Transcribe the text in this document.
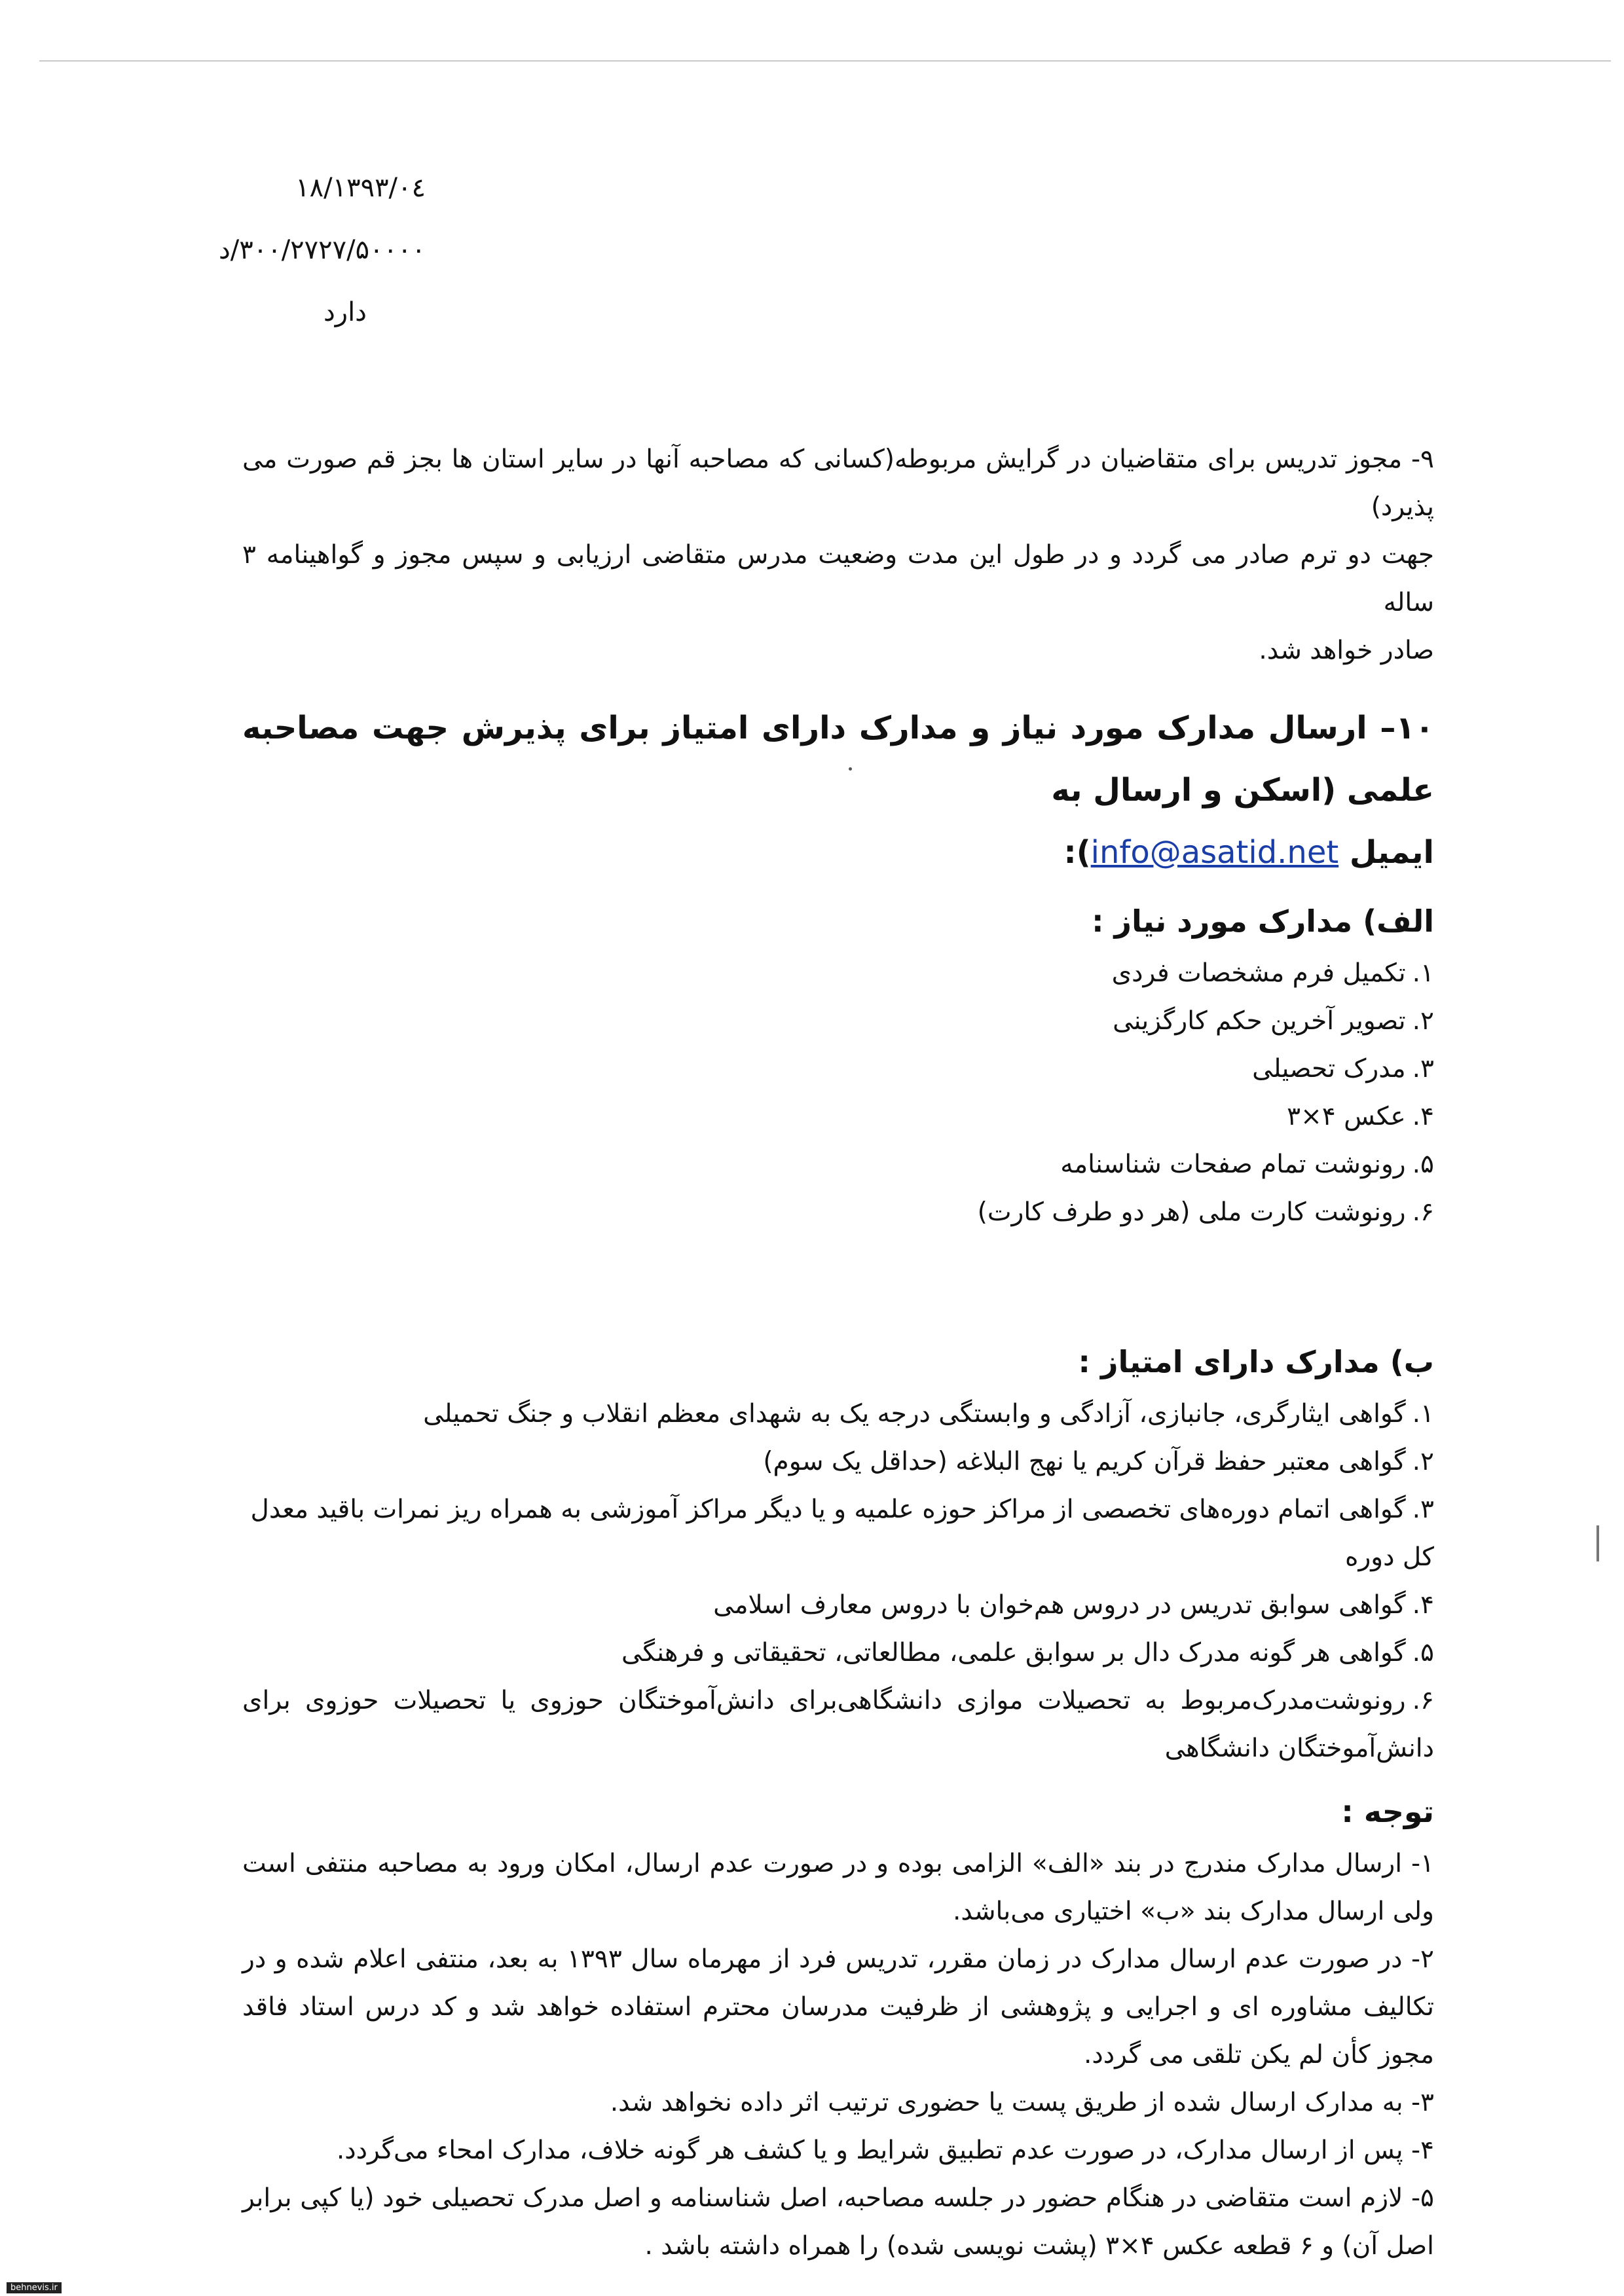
۱۳۹۳/۰٤/۱۸
۳۰۰/۲۷۲۷/۵۰۰۰۰/د
دارد

۹- مجوز تدریس برای متقاضیان در گرایش مربوطه(کسانی که مصاحبه آنها در سایر استان ها بجز قم صورت می پذیرد)

جهت دو ترم صادر می گردد و در طول این مدت وضعیت مدرس متقاضی ارزیابی و سپس مجوز و گواهینامه ۳ ساله

صادر خواهد شد.

۱۰– ارسال مدارک مورد نیاز و مدارک دارای امتیاز برای پذیرش جهت مصاحبه علمی (اسکن و ارسال به
ایمیل info@asatid.net):
الف) مدارک مورد نیاز :

۱.تکمیل فرم مشخصات فردی

۲.تصویر آخرین حکم کارگزینی

۳.مدرک تحصیلی

۴.عکس ۴×۳

۵.رونوشت تمام صفحات شناسنامه

۶.رونوشت کارت ملی (هر دو طرف کارت)

ب) مدارک دارای امتیاز :

۱.گواهی ایثارگری، جانبازی، آزادگی و وابستگی درجه یک به شهدای معظم انقلاب و جنگ تحمیلی

۲.گواهی معتبر حفظ قرآن کریم یا نهج البلاغه (حداقل یک سوم)

۳.گواهی اتمام دوره‌های تخصصی از مراکز حوزه علمیه و یا دیگر مراکز آموزشی به همراه ریز نمرات باقید معدل کل دوره

۴.گواهی سوابق تدریس در دروس هم‌خوان با دروس معارف اسلامی

۵.گواهی هر گونه مدرک دال بر سوابق علمی، مطالعاتی، تحقیقاتی و فرهنگی

۶.رونوشت‌مدرک‌مربوط به تحصیلات موازی دانشگاهی‌برای دانش‌آموختگان حوزوی یا تحصیلات حوزوی برای دانش‌آموختگان دانشگاهی

توجه :

۱- ارسال مدارک مندرج در بند «الف» الزامی بوده و در صورت عدم ارسال، امکان ورود به مصاحبه منتفی است ولی ارسال مدارک بند «ب» اختیاری می‌باشد.

۲- در صورت عدم ارسال مدارک در زمان مقرر، تدریس فرد از مهرماه سال ۱۳۹۳ به بعد، منتفی اعلام شده و در تکالیف مشاوره ای و اجرایی و پژوهشی از ظرفیت مدرسان محترم استفاده خواهد شد و کد درس استاد فاقد مجوز کأن لم یکن تلقی می گردد.

۳- به مدارک ارسال شده از طریق پست یا حضوری ترتیب اثر داده نخواهد شد.

۴- پس از ارسال مدارک، در صورت عدم تطبیق شرایط و یا کشف هر گونه خلاف، مدارک امحاء می‌گردد.

۵- لازم است متقاضی در هنگام حضور در جلسه مصاحبه، اصل شناسنامه و اصل مدرک تحصیلی خود (یا کپی برابر اصل آن) و ۶ قطعه عکس ۴×۳ (پشت نویسی شده) را همراه داشته باشد .

behnevis.ir
